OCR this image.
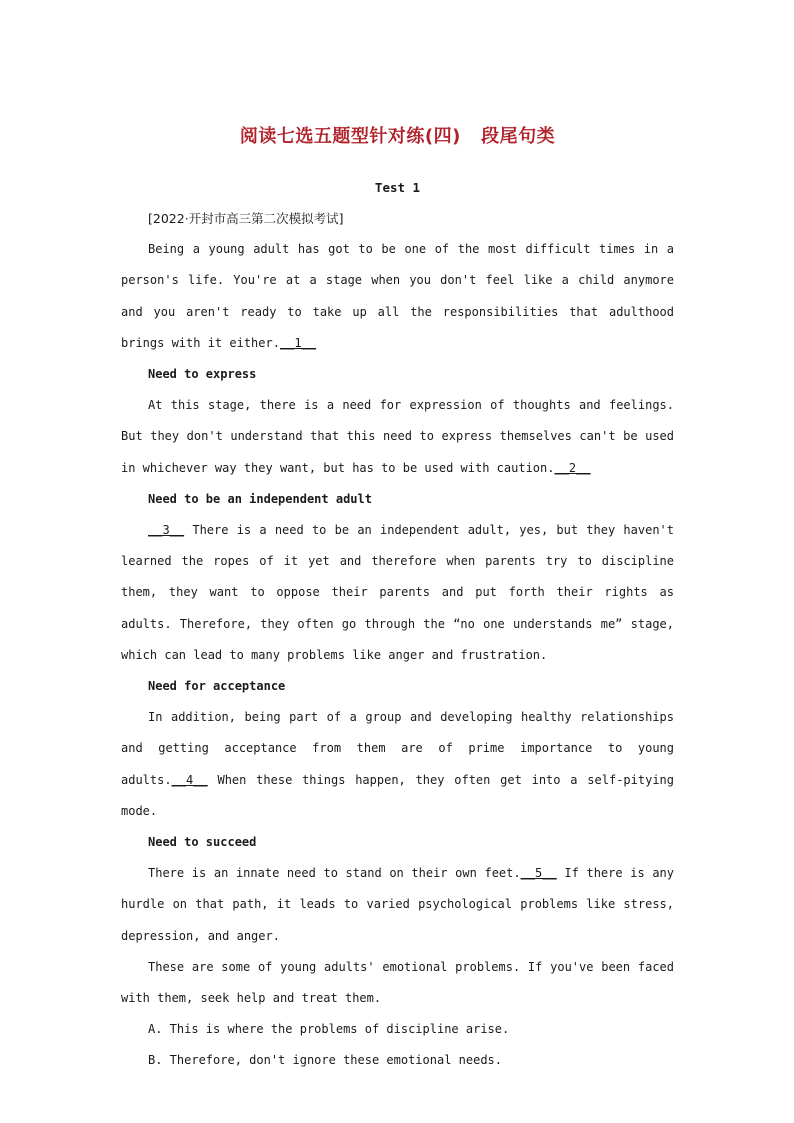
阅读七选五题型针对练(四)   段尾句类
Test 1

[2022·开封市高三第二次模拟考试]

Being a young adult has got to be one of the most difficult times in a person's life. You're at a stage when you don't feel like a child anymore and you aren't ready to take up all the responsibilities that adulthood brings with it either.__1__

Need to express

At this stage, there is a need for expression of thoughts and feelings. But they don't understand that this need to express themselves can't be used in whichever way they want, but has to be used with caution.__2__

Need to be an independent adult

__3__ There is a need to be an independent adult, yes, but they haven't learned the ropes of it yet and therefore when parents try to discipline them, they want to oppose their parents and put forth their rights as adults. Therefore, they often go through the “no one understands me” stage, which can lead to many problems like anger and frustration.

Need for acceptance

In addition, being part of a group and developing healthy relationships and getting acceptance from them are of prime importance to young adults.__4__ When these things happen, they often get into a self-pitying mode.

Need to succeed

There is an innate need to stand on their own feet.__5__ If there is any hurdle on that path, it leads to varied psychological problems like stress, depression, and anger.

These are some of young adults' emotional problems. If you've been faced with them, seek help and treat them.

A. This is where the problems of discipline arise.

B. Therefore, don't ignore these emotional needs.
